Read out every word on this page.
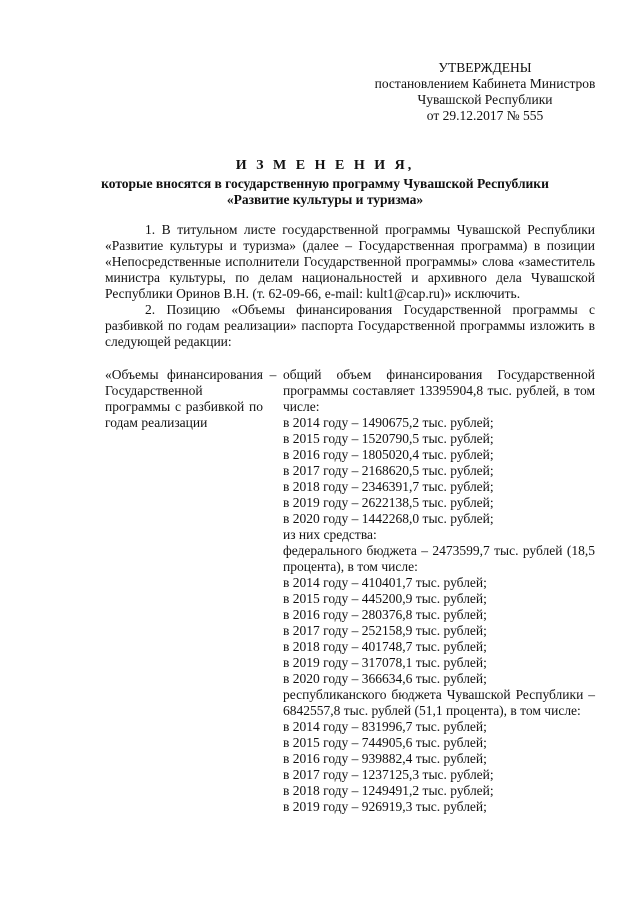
УТВЕРЖДЕНЫ
постановлением Кабинета Министров
Чувашской Республики
от 29.12.2017 № 555
И З М Е Н Е Н И Я,
которые вносятся в государственную программу Чувашской Республики
«Развитие культуры и туризма»

1. В титульном листе государственной программы Чувашской Республики «Развитие культуры и туризма» (далее – Государственная программа) в позиции «Непосредственные исполнители Государственной программы» слова «заместитель министра культуры, по делам национальностей и архивного дела Чувашской Республики Оринов В.Н. (т. 62-09-66, e-mail: kult1@cap.ru)» исключить.

2. Позицию «Объемы финансирования Государственной программы с разбивкой по годам реализации» паспорта Государственной программы изложить в следующей редакции:

«Объемы финансирования Государственной программы с разбивкой по годам реализации
– общий объем финансирования Государственной программы составляет 13395904,8 тыс. рублей, в том числе:
в 2014 году – 1490675,2 тыс. рублей;
в 2015 году – 1520790,5 тыс. рублей;
в 2016 году – 1805020,4 тыс. рублей;
в 2017 году – 2168620,5 тыс. рублей;
в 2018 году – 2346391,7 тыс. рублей;
в 2019 году – 2622138,5 тыс. рублей;
в 2020 году – 1442268,0 тыс. рублей;
из них средства:
федерального бюджета – 2473599,7 тыс. рублей (18,5 процента), в том числе:
в 2014 году – 410401,7 тыс. рублей;
в 2015 году – 445200,9 тыс. рублей;
в 2016 году – 280376,8 тыс. рублей;
в 2017 году – 252158,9 тыс. рублей;
в 2018 году – 401748,7 тыс. рублей;
в 2019 году – 317078,1 тыс. рублей;
в 2020 году – 366634,6 тыс. рублей;
республиканского бюджета Чувашской Республики – 6842557,8 тыс. рублей (51,1 процента), в том числе:
в 2014 году – 831996,7 тыс. рублей;
в 2015 году – 744905,6 тыс. рублей;
в 2016 году – 939882,4 тыс. рублей;
в 2017 году – 1237125,3 тыс. рублей;
в 2018 году – 1249491,2 тыс. рублей;
в 2019 году – 926919,3 тыс. рублей;
